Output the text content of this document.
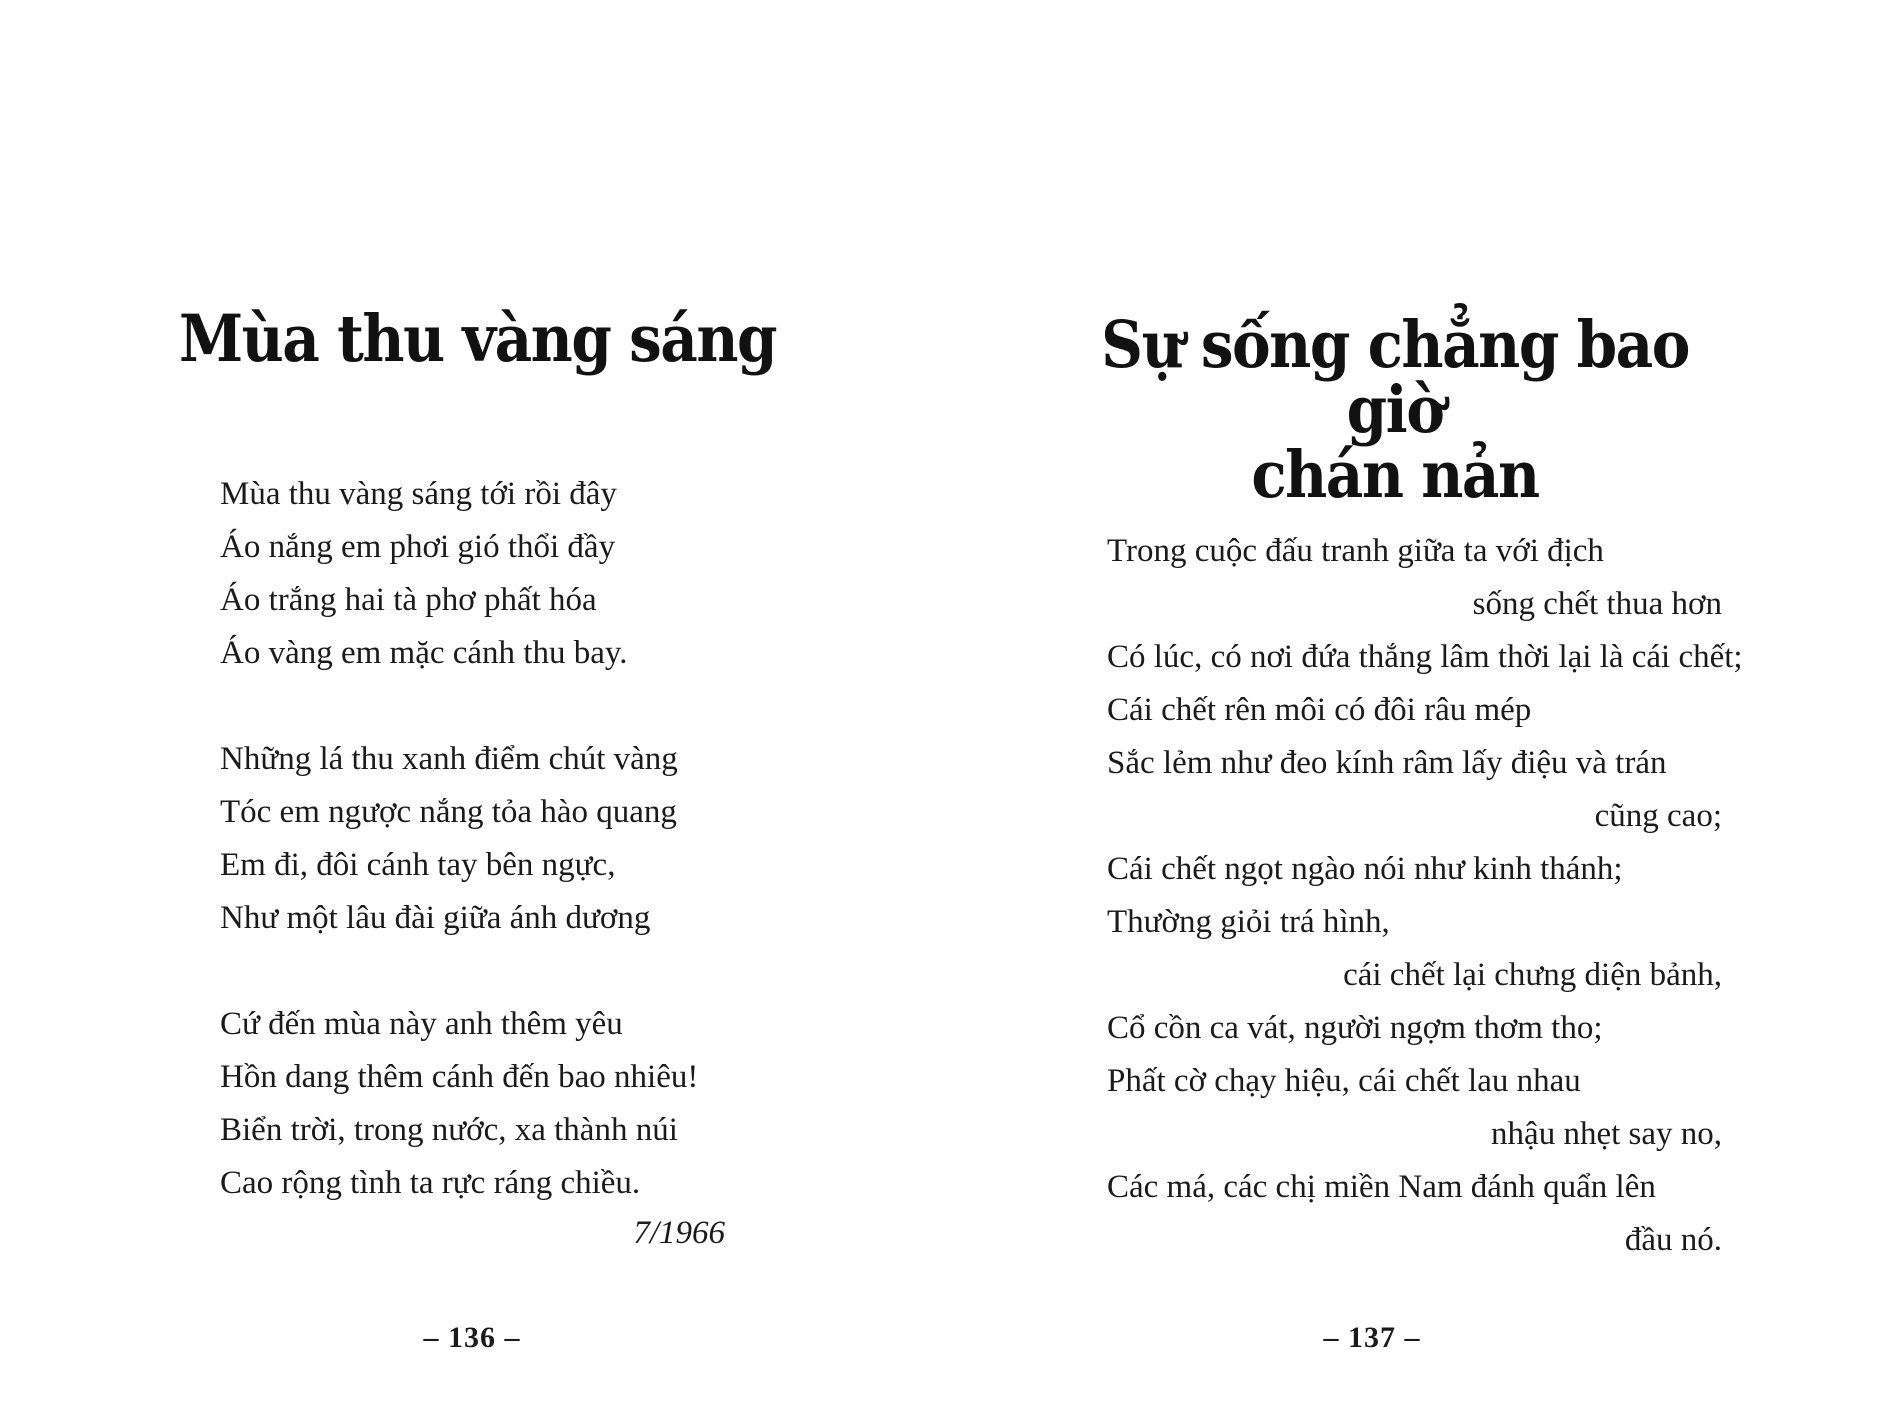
Mùa thu vàng sáng
Mùa thu vàng sáng tới rồi đây
Áo nắng em phơi gió thổi đầy
Áo trắng hai tà phơ phất hóa
Áo vàng em mặc cánh thu bay.
Những lá thu xanh điểm chút vàng
Tóc em ngược nắng tỏa hào quang
Em đi, đôi cánh tay bên ngực,
Như một lâu đài giữa ánh dương
Cứ đến mùa này anh thêm yêu
Hồn dang thêm cánh đến bao nhiêu!
Biển trời, trong nước, xa thành núi
Cao rộng tình ta rực ráng chiều.
7/1966
– 136 –
Sự sống chẳng bao giờ
chán nản
Trong cuộc đấu tranh giữa ta với địch
sống chết thua hơn
Có lúc, có nơi đứa thắng lâm thời lại là cái chết;
Cái chết rên môi có đôi râu mép
Sắc lẻm như đeo kính râm lấy điệu và trán
cũng cao;
Cái chết ngọt ngào nói như kinh thánh;
Thường giỏi trá hình,
cái chết lại chưng diện bảnh,
Cổ cồn ca vát, người ngợm thơm tho;
Phất cờ chạy hiệu, cái chết lau nhau
nhậu nhẹt say no,
Các má, các chị miền Nam đánh quẩn lên
đầu nó.
– 137 –
